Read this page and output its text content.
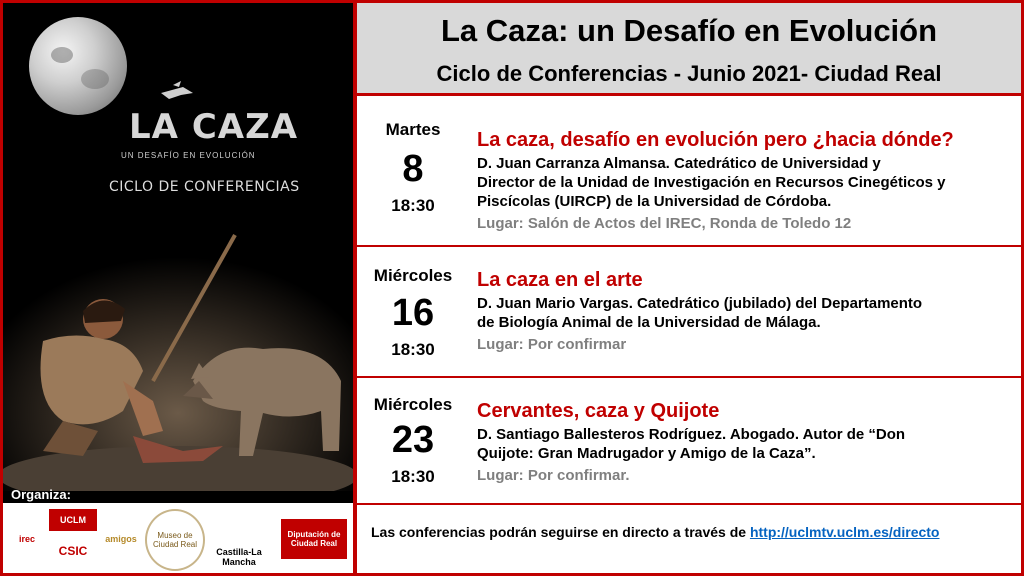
LA CAZA
UN DESAFÍO EN EVOLUCIÓN
CICLO DE CONFERENCIAS
Organiza:
irec
UCLM
CSIC
amigos	Museo de Ciudad Real
Castilla-La Mancha
Diputación de Ciudad Real
La Caza: un Desafío en Evolución
Ciclo de Conferencias - Junio 2021- Ciudad Real
Martes
8
18:30
La caza, desafío en evolución pero ¿hacia dónde?
D. Juan Carranza Almansa. Catedrático de Universidad y
Director de la Unidad de Investigación en Recursos Cinegéticos y
Piscícolas (UIRCP) de la Universidad de Córdoba.
Lugar: Salón de Actos del IREC, Ronda de Toledo 12
Miércoles
16
18:30
La caza en el arte
D. Juan Mario Vargas. Catedrático (jubilado) del Departamento
de Biología Animal de la Universidad de Málaga.
Lugar: Por confirmar
Miércoles
23
18:30
Cervantes, caza y Quijote
D. Santiago Ballesteros Rodríguez. Abogado. Autor de “Don
Quijote: Gran Madrugador y Amigo de la Caza”.
Lugar: Por confirmar.
Las conferencias podrán seguirse en directo a través de http://uclmtv.uclm.es/directo
